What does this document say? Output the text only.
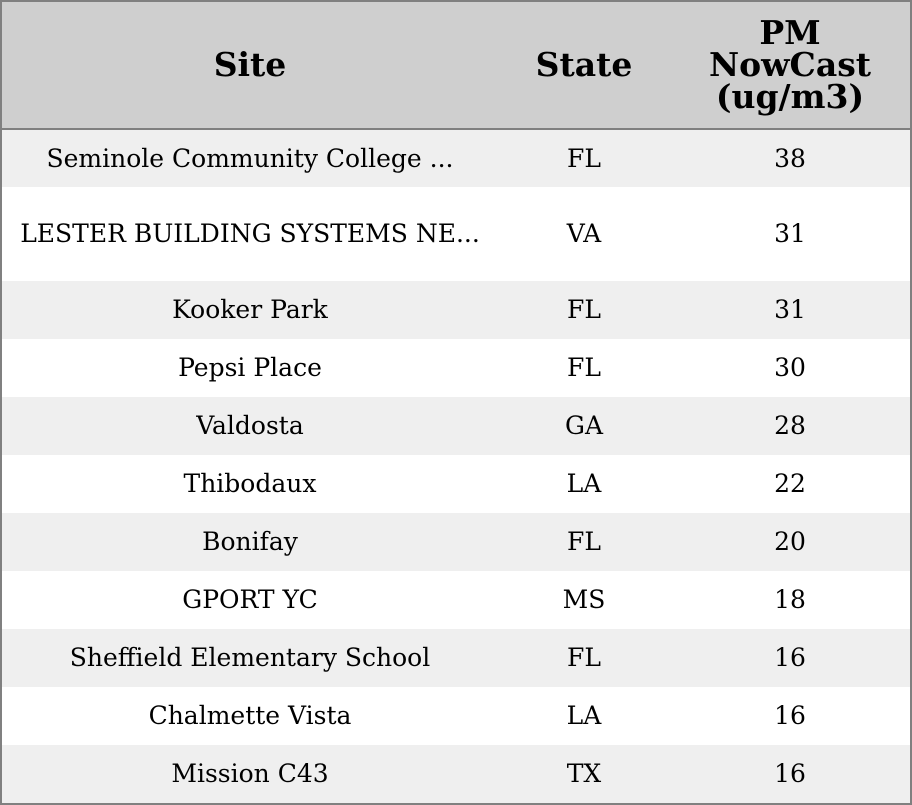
Site	State	PM
NowCast
(ug/m3)
Seminole Community College ...	FL	38
LESTER BUILDING SYSTEMS NE...	VA	31
Kooker Park	FL	31
Pepsi Place	FL	30
Valdosta	GA	28
Thibodaux	LA	22
Bonifay	FL	20
GPORT YC	MS	18
Sheffield Elementary School	FL	16
Chalmette Vista	LA	16
Mission C43	TX	16
